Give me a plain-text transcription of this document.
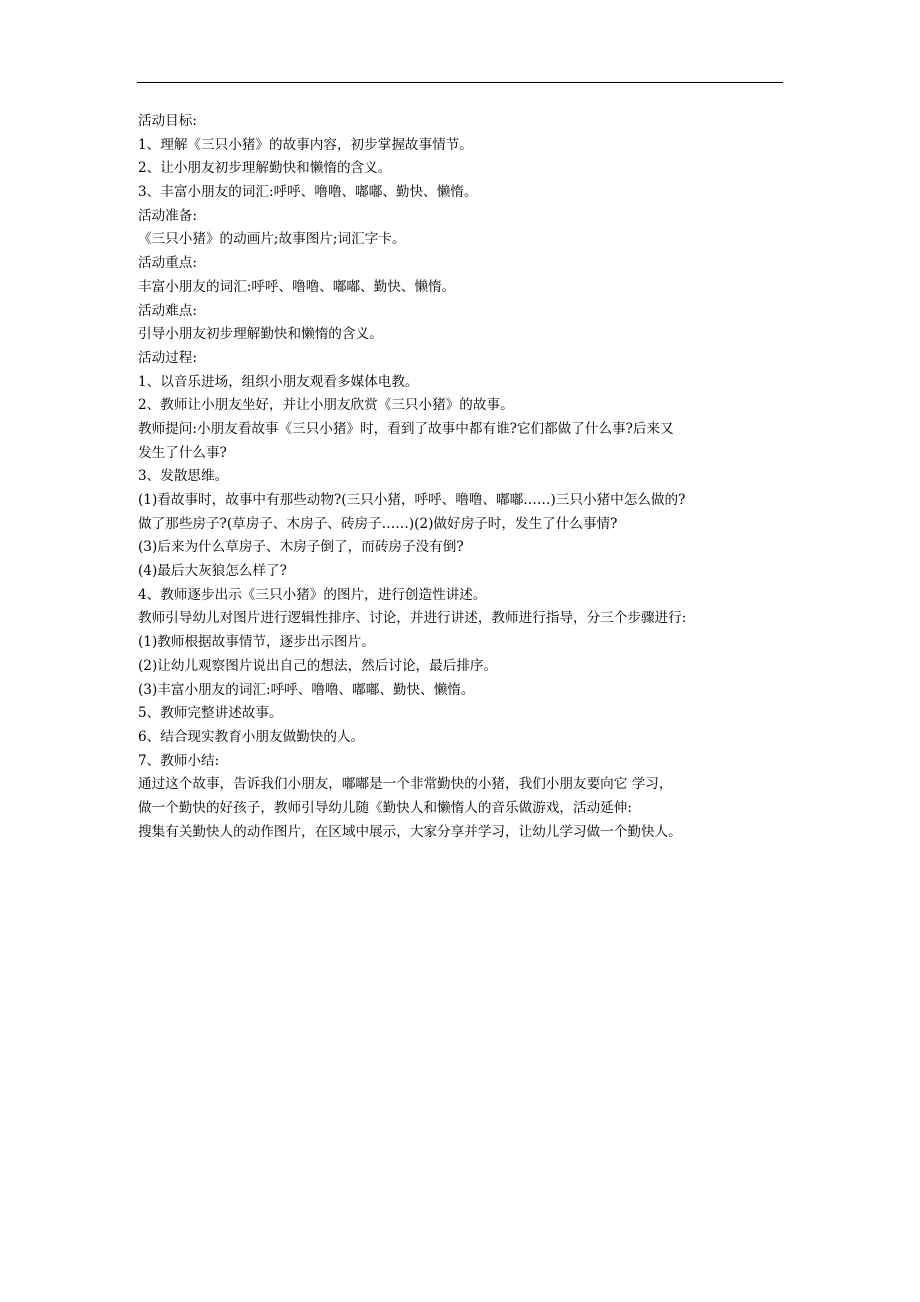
活动目标:
1、理解《三只小猪》的故事内容，初步掌握故事情节。
2、让小朋友初步理解勤快和懒惰的含义。
3、丰富小朋友的词汇:呼呼、噜噜、嘟嘟、勤快、懒惰。
活动准备:
《三只小猪》的动画片;故事图片;词汇字卡。
活动重点:
丰富小朋友的词汇:呼呼、噜噜、嘟嘟、勤快、懒惰。
活动难点:
引导小朋友初步理解勤快和懒惰的含义。
活动过程:
1、以音乐进场，组织小朋友观看多媒体电教。
2、教师让小朋友坐好，并让小朋友欣赏《三只小猪》的故事。
教师提问:小朋友看故事《三只小猪》时，看到了故事中都有谁?它们都做了什么事?后来又
发生了什么事?
3、发散思维。
(1)看故事时，故事中有那些动物?(三只小猪，呼呼、噜噜、嘟嘟……)三只小猪中怎么做的?
做了那些房子?(草房子、木房子、砖房子……)(2)做好房子时，发生了什么事情?
(3)后来为什么草房子、木房子倒了，而砖房子没有倒?
(4)最后大灰狼怎么样了?
4、教师逐步出示《三只小猪》的图片，进行创造性讲述。
教师引导幼儿对图片进行逻辑性排序、讨论，并进行讲述，教师进行指导，分三个步骤进行:
(1)教师根据故事情节，逐步出示图片。
(2)让幼儿观察图片说出自己的想法，然后讨论，最后排序。
(3)丰富小朋友的词汇:呼呼、噜噜、嘟嘟、勤快、懒惰。
5、教师完整讲述故事。
6、结合现实教育小朋友做勤快的人。
7、教师小结:
通过这个故事，告诉我们小朋友，嘟嘟是一个非常勤快的小猪，我们小朋友要向它 学习，
做一个勤快的好孩子，教师引导幼儿随《勤快人和懒惰人的音乐做游戏，活动延伸:
搜集有关勤快人的动作图片，在区域中展示，大家分享并学习，让幼儿学习做一个勤快人。
